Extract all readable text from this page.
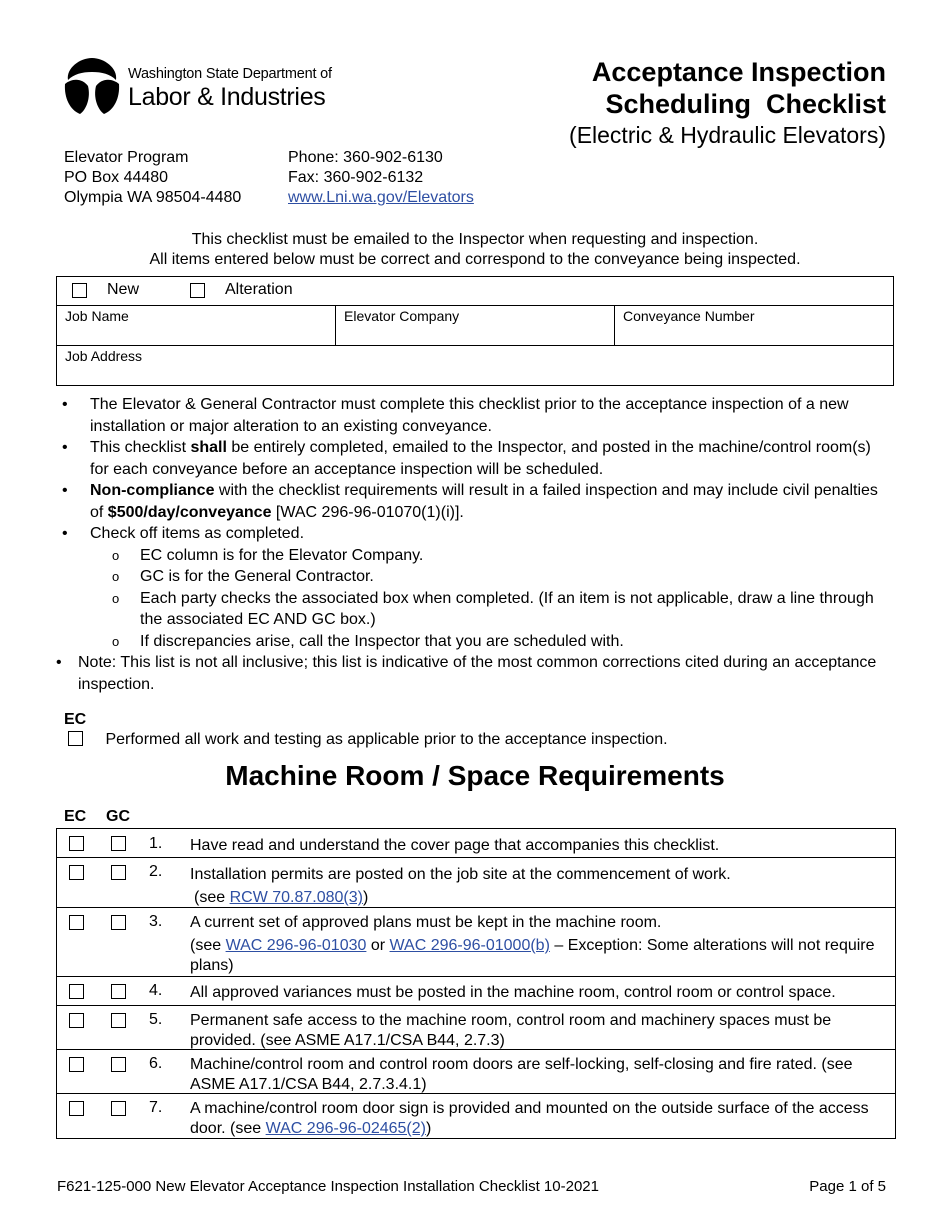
Washington State Department of
Labor & Industries
Acceptance Inspection
Scheduling  Checklist
(Electric & Hydraulic Elevators)
Elevator Program
PO Box 44480
Olympia WA 98504-4480
Phone: 360-902-6130
Fax: 360-902-6132
www.Lni.wa.gov/Elevators
This checklist must be emailed to the Inspector when requesting and inspection.
All items entered below must be correct and correspond to the conveyance being inspected.
New	Alteration
Job Name	Elevator Company	Conveyance Number
Job Address
• The Elevator & General Contractor must complete this checklist prior to the acceptance inspection of a new installation or major alteration to an existing conveyance.
• This checklist shall be entirely completed, emailed to the Inspector, and posted in the machine/control room(s) for each conveyance before an acceptance inspection will be scheduled.
• Non-compliance with the checklist requirements will result in a failed inspection and may include civil penalties of $500/day/conveyance [WAC 296-96-01070(1)(i)].
• Check off items as completed.
o EC column is for the Elevator Company.
o GC is for the General Contractor.
o Each party checks the associated box when completed. (If an item is not applicable, draw a line through the associated EC AND GC box.)
o If discrepancies arise, call the Inspector that you are scheduled with.
• Note: This list is not all inclusive; this list is indicative of the most common corrections cited during an acceptance inspection.
EC
Performed all work and testing as applicable prior to the acceptance inspection.
Machine Room / Space Requirements
EC GC
1. Have read and understand the cover page that accompanies this checklist.
2. Installation permits are posted on the job site at the commencement of work.
(see RCW 70.87.080(3))
3. A current set of approved plans must be kept in the machine room.
(see WAC 296-96-01030 or WAC 296-96-01000(b) – Exception: Some alterations will not require plans)
4. All approved variances must be posted in the machine room, control room or control space.
5. Permanent safe access to the machine room, control room and machinery spaces must be provided. (see ASME A17.1/CSA B44, 2.7.3)
6. Machine/control room and control room doors are self-locking, self-closing and fire rated. (see ASME A17.1/CSA B44, 2.7.3.4.1)
7. A machine/control room door sign is provided and mounted on the outside surface of the access door. (see WAC 296-96-02465(2))
F621-125-000 New Elevator Acceptance Inspection Installation Checklist 10-2021	Page 1 of 5
